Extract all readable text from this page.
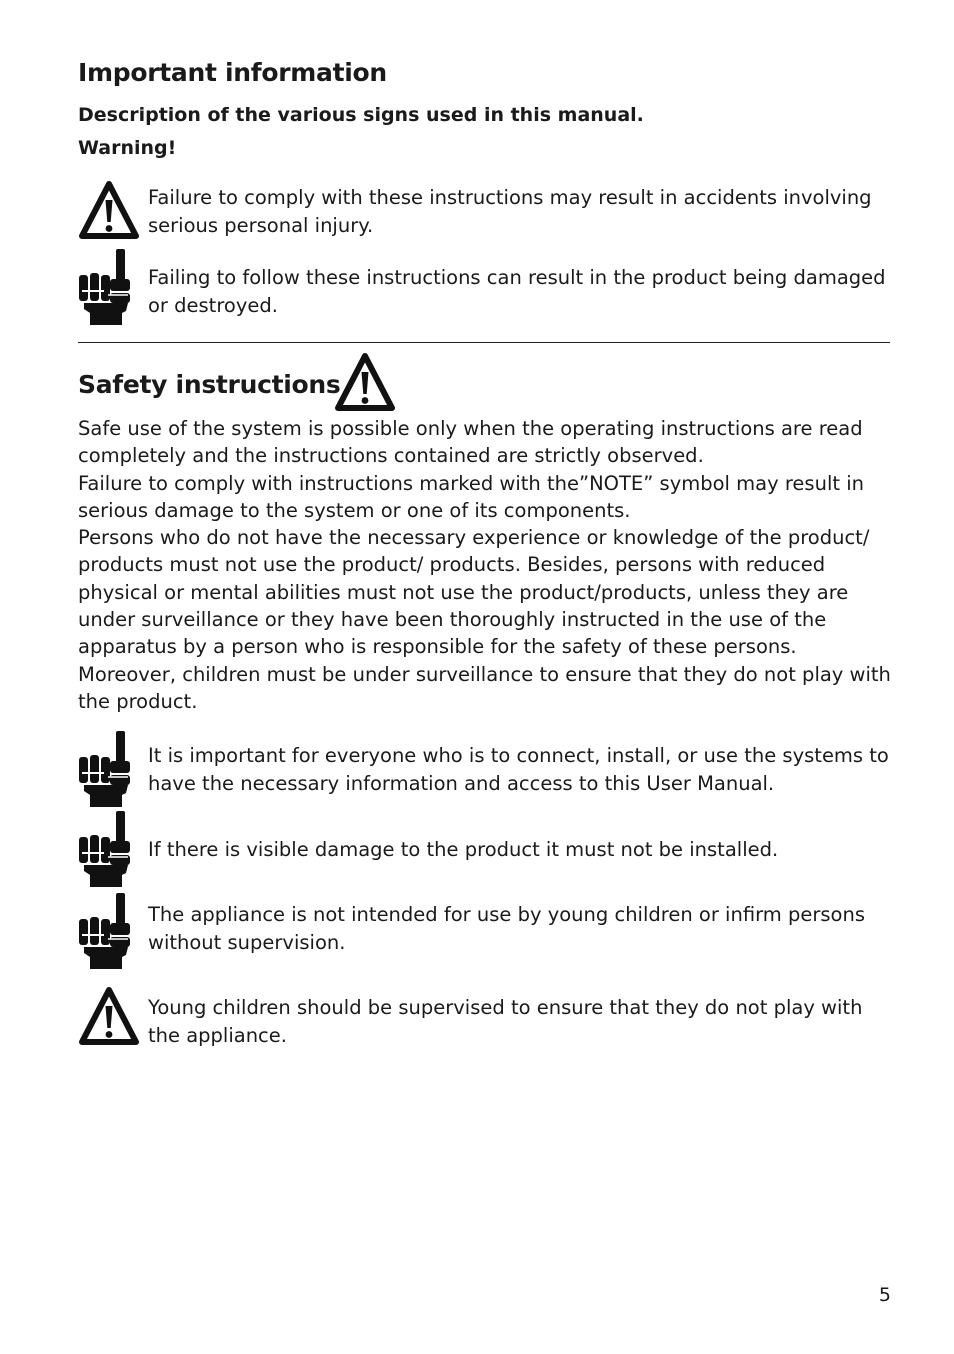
Important information
Description of the various signs used in this manual.
Warning!
Failure to comply with these instructions may result in accidents involving serious personal injury.
Failing to follow these instructions can result in the product being damaged or destroyed.
Safety instructions

Safe use of the system is possible only when the operating instructions are read completely and the instructions contained are strictly observed.

Failure to comply with instructions marked with the”NOTE” symbol may result in serious damage to the system or one of its components.

Persons who do not have the necessary experience or knowledge of the product/ products must not use the product/ products. Besides, persons with reduced physical or mental abilities must not use the product/products, unless they are under surveillance or they have been thoroughly instructed in the use of the apparatus by a person who is responsible for the safety of these persons.

Moreover, children must be under surveillance to ensure that they do not play with the product.

It is important for everyone who is to connect, install, or use the systems to have the necessary information and access to this User Manual.
If there is visible damage to the product it must not be installed.
The appliance is not intended for use by young children or infirm persons without supervision.
Young children should be supervised to ensure that they do not play with the appliance.
5
